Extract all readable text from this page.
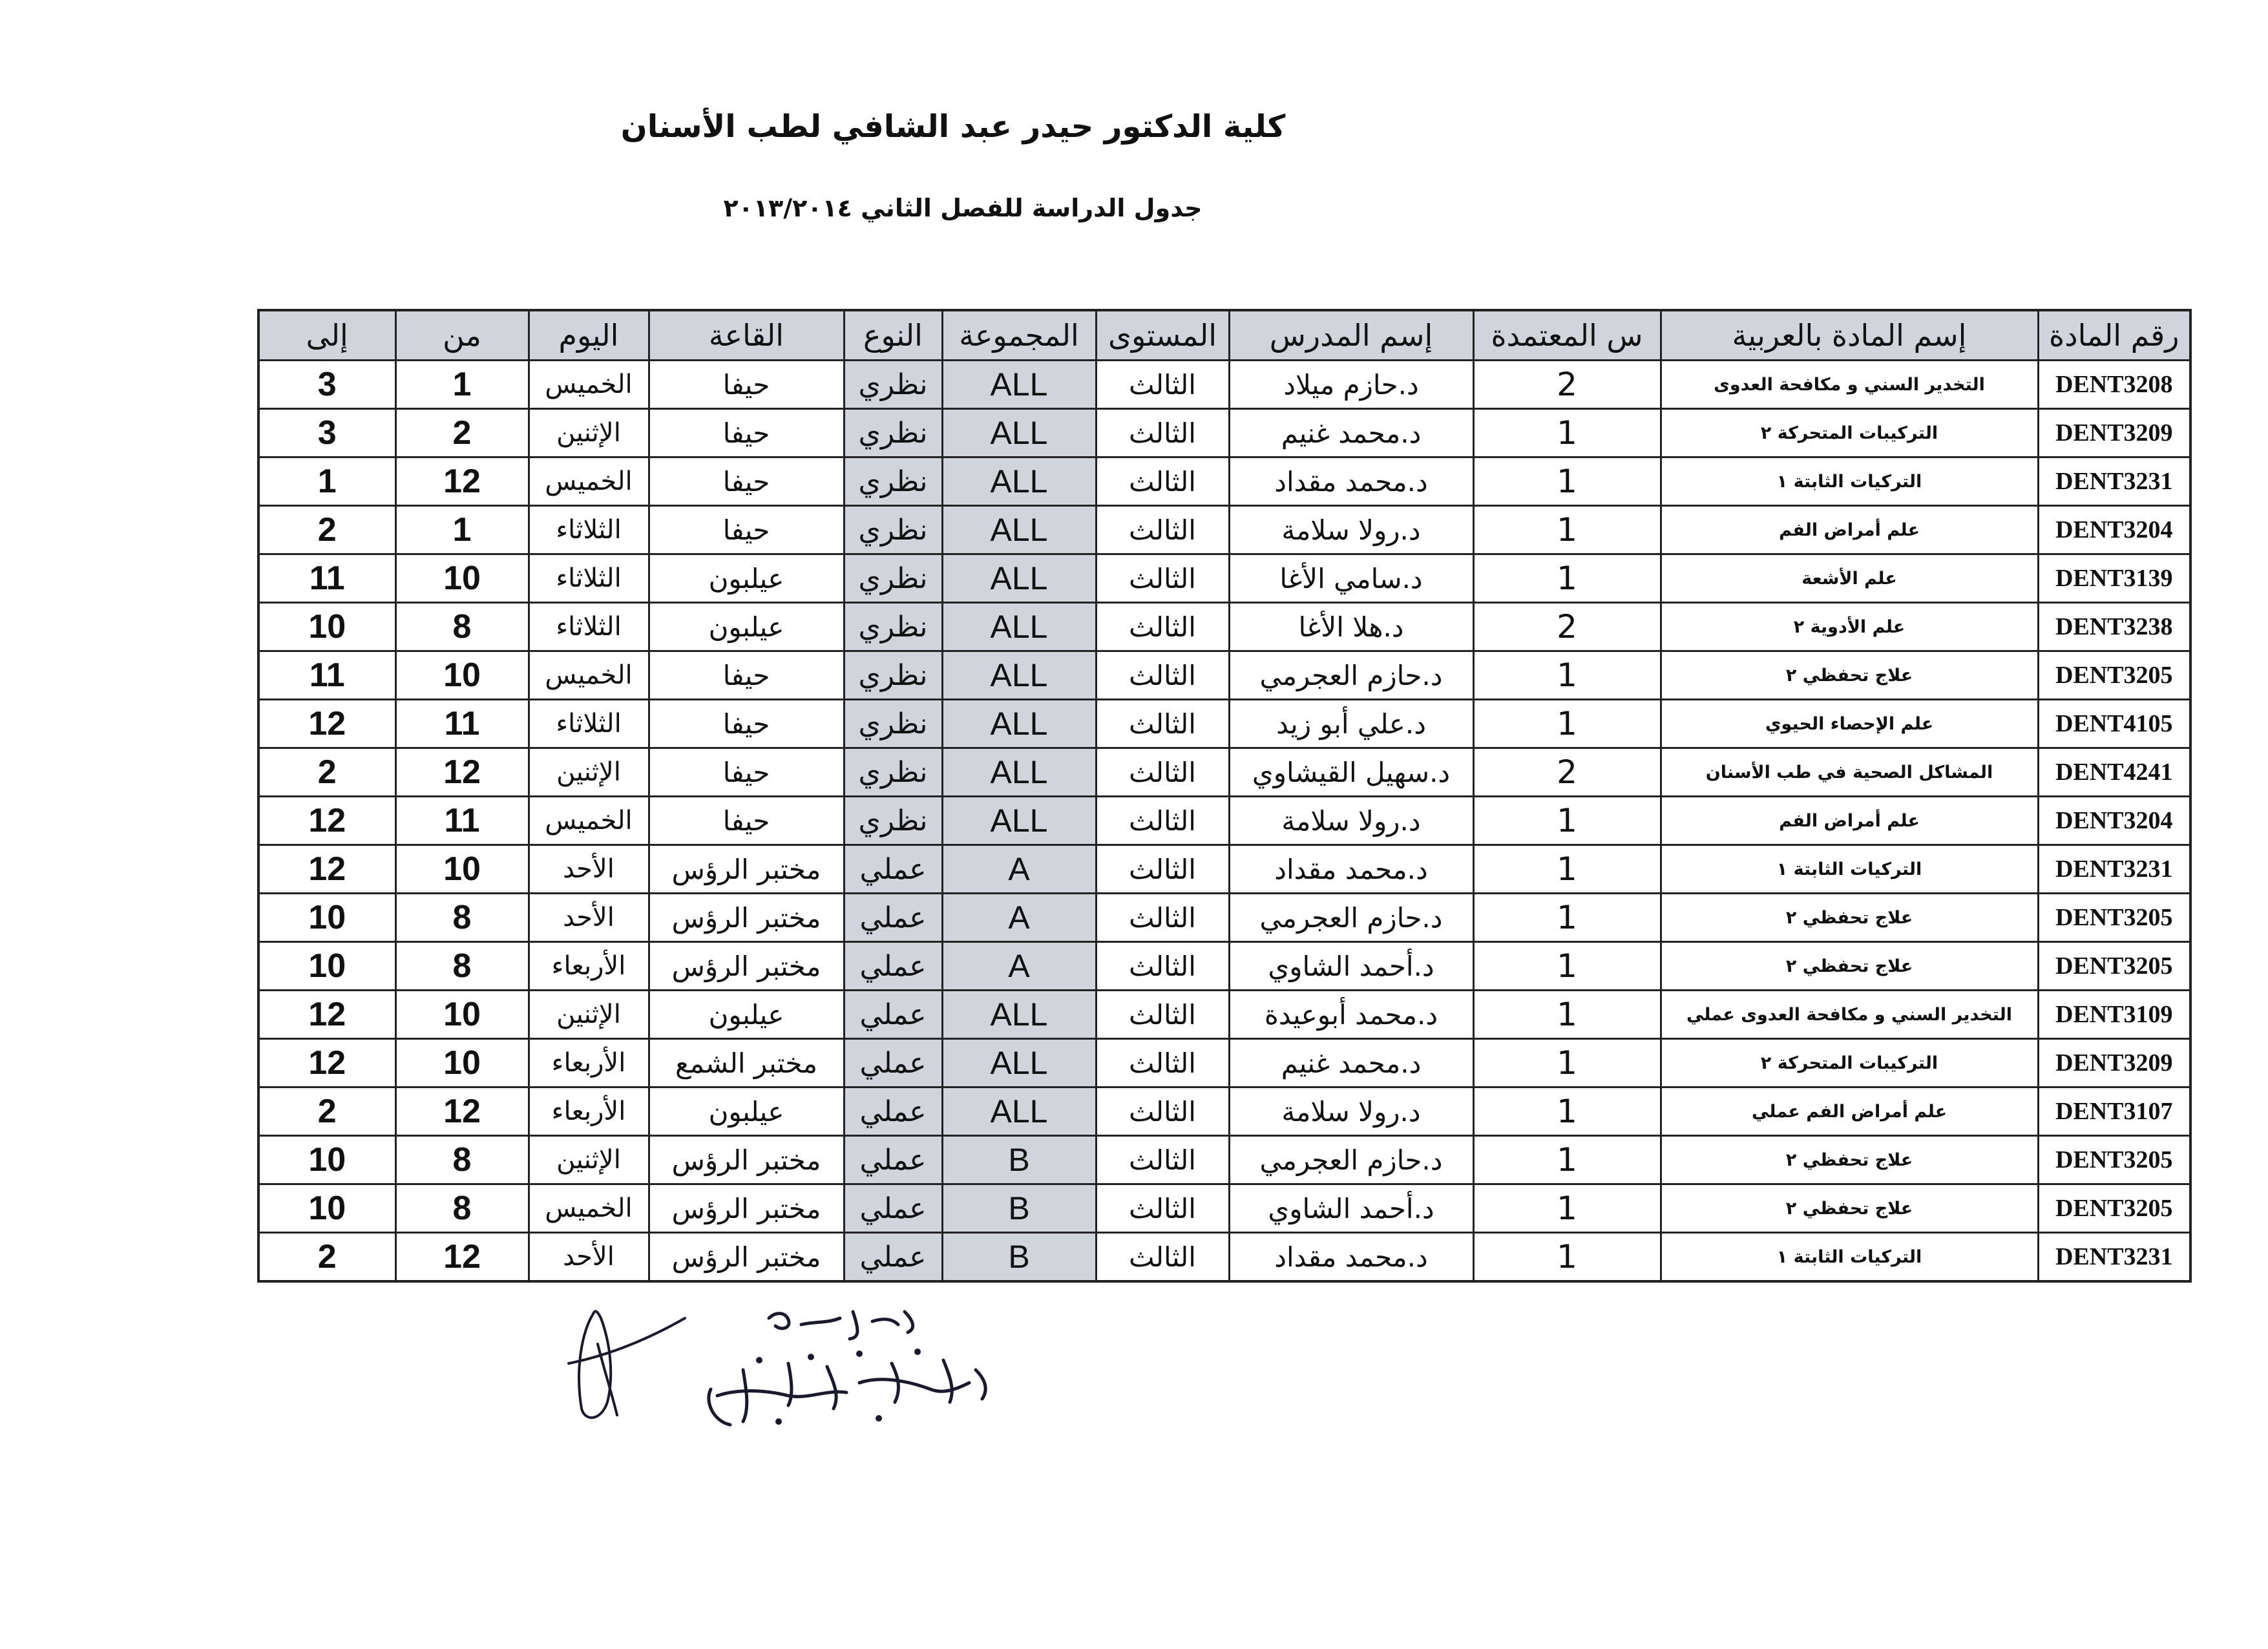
كلية الدكتور حيدر عبد الشافي لطب الأسنان
جدول الدراسة للفصل الثاني ٢٠١٣/٢٠١٤
رقم المادة	إسم المادة بالعربية	س المعتمدة	إسم المدرس	المستوى	المجموعة	النوع	القاعة	اليوم	من	إلى
DENT3208	التخدير السني و مكافحة العدوى	2	د.حازم ميلاد	الثالث	ALL	نظري	حيفا	الخميس	1	3
DENT3209	التركيبات المتحركة ٢	1	د.محمد غنيم	الثالث	ALL	نظري	حيفا	الإثنين	2	3
DENT3231	التركيات الثابتة ١	1	د.محمد مقداد	الثالث	ALL	نظري	حيفا	الخميس	12	1
DENT3204	علم أمراض الفم	1	د.رولا سلامة	الثالث	ALL	نظري	حيفا	الثلاثاء	1	2
DENT3139	علم الأشعة	1	د.سامي الأغا	الثالث	ALL	نظري	عيلبون	الثلاثاء	10	11
DENT3238	علم الأدوية ٢	2	د.هلا الأغا	الثالث	ALL	نظري	عيلبون	الثلاثاء	8	10
DENT3205	علاج تحفظي ٢	1	د.حازم العجرمي	الثالث	ALL	نظري	حيفا	الخميس	10	11
DENT4105	علم الإحصاء الحيوي	1	د.علي أبو زيد	الثالث	ALL	نظري	حيفا	الثلاثاء	11	12
DENT4241	المشاكل الصحية في طب الأسنان	2	د.سهيل القيشاوي	الثالث	ALL	نظري	حيفا	الإثنين	12	2
DENT3204	علم أمراض الفم	1	د.رولا سلامة	الثالث	ALL	نظري	حيفا	الخميس	11	12
DENT3231	التركيات الثابتة ١	1	د.محمد مقداد	الثالث	A	عملي	مختبر الرؤس	الأحد	10	12
DENT3205	علاج تحفظي ٢	1	د.حازم العجرمي	الثالث	A	عملي	مختبر الرؤس	الأحد	8	10
DENT3205	علاج تحفظي ٢	1	د.أحمد الشاوي	الثالث	A	عملي	مختبر الرؤس	الأربعاء	8	10
DENT3109	التخدير السني و مكافحة العدوى عملي	1	د.محمد أبوعيدة	الثالث	ALL	عملي	عيلبون	الإثنين	10	12
DENT3209	التركيبات المتحركة ٢	1	د.محمد غنيم	الثالث	ALL	عملي	مختبر الشمع	الأربعاء	10	12
DENT3107	علم أمراض الفم عملي	1	د.رولا سلامة	الثالث	ALL	عملي	عيلبون	الأربعاء	12	2
DENT3205	علاج تحفظي ٢	1	د.حازم العجرمي	الثالث	B	عملي	مختبر الرؤس	الإثنين	8	10
DENT3205	علاج تحفظي ٢	1	د.أحمد الشاوي	الثالث	B	عملي	مختبر الرؤس	الخميس	8	10
DENT3231	التركيات الثابتة ١	1	د.محمد مقداد	الثالث	B	عملي	مختبر الرؤس	الأحد	12	2
